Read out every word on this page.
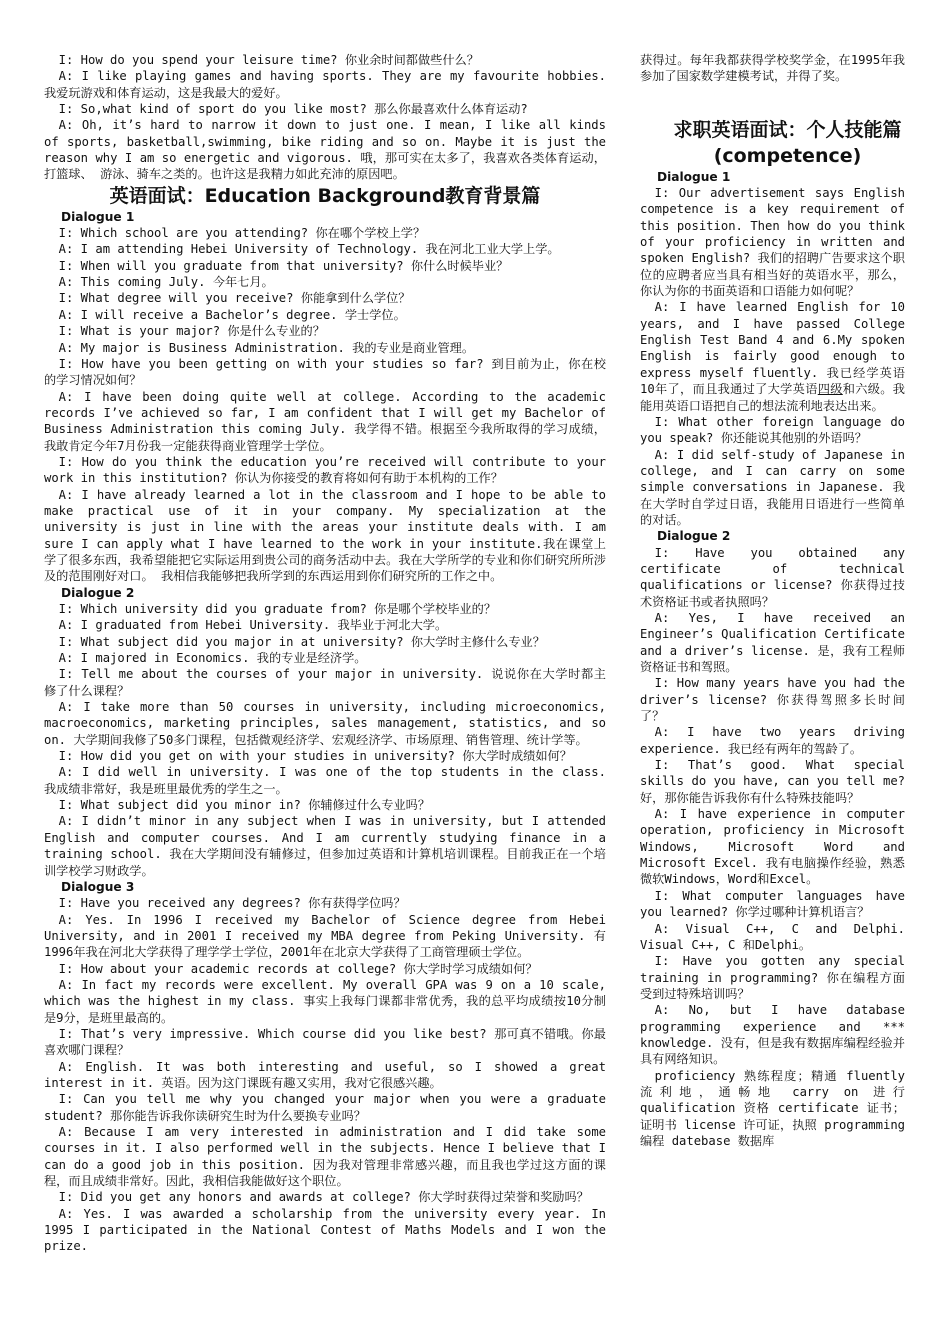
I: How do you spend your leisure time? 你业余时间都做些什么？

A: I like playing games and having sports. They are my favourite hobbies. 我爱玩游戏和体育运动，这是我最大的爱好。

I: So,what kind of sport do you like most? 那么你最喜欢什么体育运动?

A: Oh, it’s hard to narrow it down to just one. I mean, I like all kinds of sports, basketball,swimming, bike riding and so on. Maybe it is just the reason why I am so energetic and vigorous. 哦，那可实在太多了，我喜欢各类体育运动，打篮球、 游泳、骑车之类的。也许这是我精力如此充沛的原因吧。

英语面试：Education Background教育背景篇

Dialogue 1

I: Which school are you attending? 你在哪个学校上学？

A: I am attending Hebei University of Technology. 我在河北工业大学上学。

I: When will you graduate from that university? 你什么时候毕业？

A: This coming July. 今年七月。

I: What degree will you receive? 你能拿到什么学位？

A: I will receive a Bachelor’s degree. 学士学位。

I: What is your major? 你是什么专业的？

A: My major is Business Administration. 我的专业是商业管理。

I: How have you been getting on with your studies so far? 到目前为止，你在校的学习情况如何？

A: I have been doing quite well at college. According to the academic records I’ve achieved so far, I am confident that I will get my Bachelor of Business Administration this coming July. 我学得不错。根据至今我所取得的学习成绩，我敢肯定今年7月份我一定能获得商业管理学士学位。

I: How do you think the education you’re received will contribute to your work in this institution? 你认为你接受的教育将如何有助于本机构的工作？

A: I have already learned a lot in the classroom and I hope to be able to make practical use of it in your company. My specialization at the university is just in line with the areas your institute deals with. I am sure I can apply what I have learned to the work in your institute.我在课堂上学了很多东西，我希望能把它实际运用到贵公司的商务活动中去。我在大学所学的专业和你们研究所所涉及的范围刚好对口。 我相信我能够把我所学到的东西运用到你们研究所的工作之中。

Dialogue 2

I: Which university did you graduate from? 你是哪个学校毕业的？

A: I graduated from Hebei University. 我毕业于河北大学。

I: What subject did you major in at university? 你大学时主修什么专业？

A: I majored in Economics. 我的专业是经济学。

I: Tell me about the courses of your major in university. 说说你在大学时都主修了什么课程？

A: I take more than 50 courses in university, including microeconomics, macroeconomics, marketing principles, sales management, statistics, and so on. 大学期间我修了50多门课程，包括微观经济学、宏观经济学、市场原理、销售管理、统计学等。

I: How did you get on with your studies in university? 你大学时成绩如何？

A: I did well in university. I was one of the top students in the class. 我成绩非常好，我是班里最优秀的学生之一。

I: What subject did you minor in? 你辅修过什么专业吗？

A: I didn’t minor in any subject when I was in university, but I attended English and computer courses. And I am currently studying finance in a training school. 我在大学期间没有辅修过，但参加过英语和计算机培训课程。目前我正在一个培训学校学习财政学。

Dialogue 3

I: Have you received any degrees? 你有获得学位吗？

A: Yes. In 1996 I received my Bachelor of Science degree from Hebei University, and in 2001 I received my MBA degree from Peking University. 有1996年我在河北大学获得了理学学士学位，2001年在北京大学获得了工商管理硕士学位。

I: How about your academic records at college? 你大学时学习成绩如何？

A: In fact my records were excellent. My overall GPA was 9 on a 10 scale, which was the highest in my class. 事实上我每门课都非常优秀，我的总平均成绩按10分制是9分，是班里最高的。

I: That’s very impressive. Which course did you like best? 那可真不错哦。你最喜欢哪门课程？

A: English. It was both interesting and useful, so I showed a great interest in it. 英语。因为这门课既有趣又实用，我对它很感兴趣。

I: Can you tell me why you changed your major when you were a graduate student? 那你能告诉我你读研究生时为什么要换专业吗？

A: Because I am very interested in administration and I did take some courses in it. I also performed well in the subjects. Hence I believe that I can do a good job in this position. 因为我对管理非常感兴趣，而且我也学过这方面的课程，而且成绩非常好。因此，我相信我能做好这个职位。

I: Did you get any honors and awards at college? 你大学时获得过荣誉和奖励吗？

A: Yes. I was awarded a scholarship from the university every year. In 1995 I participated in the National Contest of Maths Models and I won the prize.

获得过。每年我都获得学校奖学金，在1995年我参加了国家数学建模考试，并得了奖。

求职英语面试：个人技能篇(competence)

Dialogue 1

I: Our advertisement says English competence is a key requirement of this position. Then how do you think of your proficiency in written and spoken English? 我们的招聘广告要求这个职位的应聘者应当具有相当好的英语水平，那么，你认为你的书面英语和口语能力如何呢？

A: I have learned English for 10 years, and I have passed College English Test Band 4 and 6.My spoken English is fairly good enough to express myself fluently. 我已经学英语10年了，而且我通过了大学英语四级和六级。我能用英语口语把自己的想法流利地表达出来。

I: What other foreign language do you speak? 你还能说其他别的外语吗？

A: I did self-study of Japanese in college, and I can carry on some simple conversations in Japanese. 我在大学时自学过日语，我能用日语进行一些简单的对话。

Dialogue 2

I: Have you obtained any certificate of technical qualifications or license? 你获得过技术资格证书或者执照吗？

A: Yes, I have received an Engineer’s Qualification Certificate and a driver’s license. 是，我有工程师资格证书和驾照。

I: How many years have you had the driver’s license? 你获得驾照多长时间了？

A: I have two years driving experience. 我已经有两年的驾龄了。

I: That’s good. What special skills do you have, can you tell me? 好，那你能告诉我你有什么特殊技能吗？

A: I have experience in computer operation, proficiency in Microsoft Windows, Microsoft Word and Microsoft Excel. 我有电脑操作经验，熟悉微软Windows，Word和Excel。

I: What computer languages have you learned? 你学过哪种计算机语言？

A: Visual C++, C and Delphi. Visual C++, C 和Delphi。

I: Have you gotten any special training in programming? 你在编程方面受到过特殊培训吗？

A: No, but I have database programming experience and *** knowledge. 没有，但是我有数据库编程经验并具有网络知识。

proficiency 熟练程度；精通 fluently 流利地，通畅地 carry on 进行 qualification 资格 certificate 证书；证明书 license 许可证，执照 programming 编程 datebase 数据库
